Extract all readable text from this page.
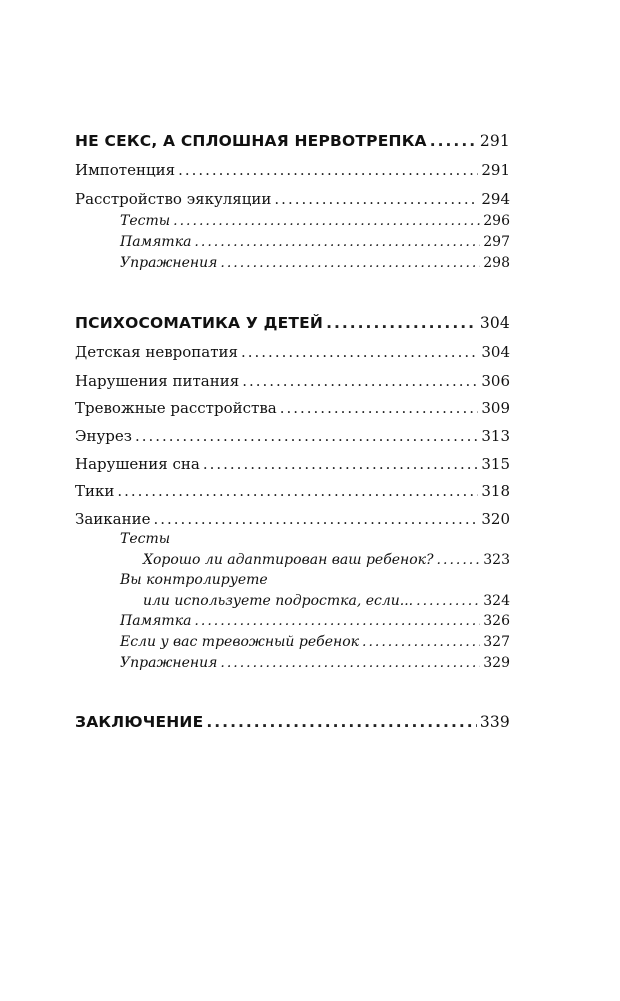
НЕ СЕКС, А СПЛОШНАЯ НЕРВОТРЕПКА .....	291
Импотенция .....	291
Расстройство эякуляции .....	294
Тесты .....	296
Памятка .....	297
Упражнения .....	298
ПСИХОСОМАТИКА У ДЕТЕЙ .....	304
Детская невропатия .....	304
Нарушения питания .....	306
Тревожные расстройства .....	309
Энурез .....	313
Нарушения сна .....	315
Тики .....	318
Заикание .....	320
Тесты
Хорошо ли адаптирован ваш ребенок? .....	323
Вы контролируете
или используете подростка, если... .....	324
Памятка .....	326
Если у вас тревожный ребенок .....	327
Упражнения .....	329
ЗАКЛЮЧЕНИЕ .....	339
